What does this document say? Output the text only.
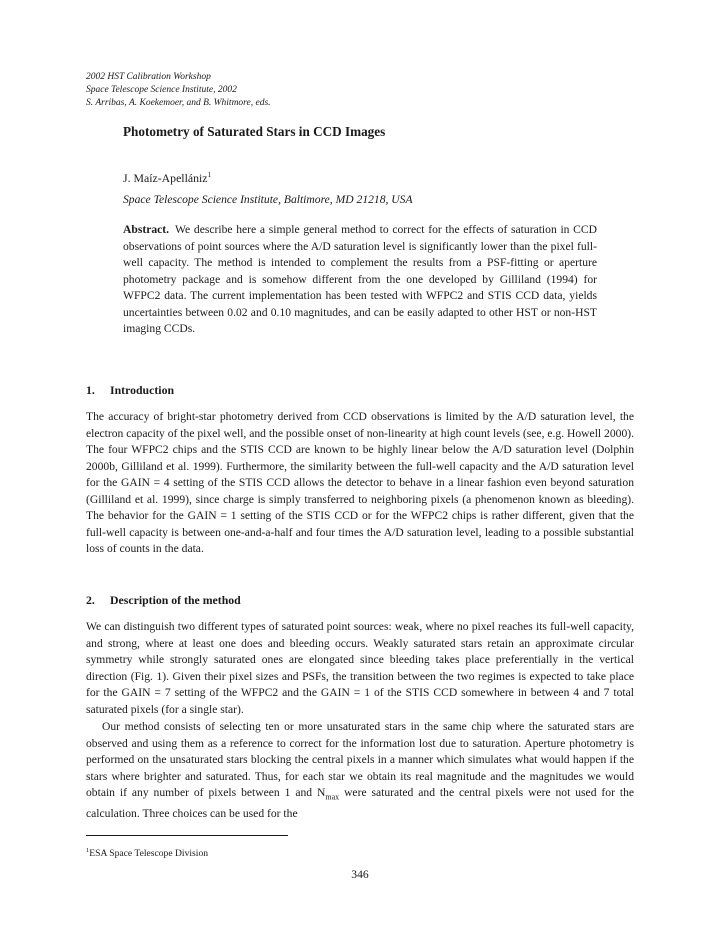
2002 HST Calibration Workshop
Space Telescope Science Institute, 2002
S. Arribas, A. Koekemoer, and B. Whitmore, eds.
Photometry of Saturated Stars in CCD Images
J. Maíz-Apellániz$^1$
Space Telescope Science Institute, Baltimore, MD 21218, USA
Abstract. We describe here a simple general method to correct for the effects of saturation in CCD observations of point sources where the A/D saturation level is significantly lower than the pixel full-well capacity. The method is intended to complement the results from a PSF-fitting or aperture photometry package and is somehow different from the one developed by Gilliland (1994) for WFPC2 data. The current implementation has been tested with WFPC2 and STIS CCD data, yields uncertainties between 0.02 and 0.10 magnitudes, and can be easily adapted to other HST or non-HST imaging CCDs.
1. Introduction

The accuracy of bright-star photometry derived from CCD observations is limited by the A/D saturation level, the electron capacity of the pixel well, and the possible onset of non-linearity at high count levels (see, e.g. Howell 2000). The four WFPC2 chips and the STIS CCD are known to be highly linear below the A/D saturation level (Dolphin 2000b, Gilliland et al. 1999). Furthermore, the similarity between the full-well capacity and the A/D saturation level for the GAIN = 4 setting of the STIS CCD allows the detector to behave in a linear fashion even beyond saturation (Gilliland et al. 1999), since charge is simply transferred to neighboring pixels (a phenomenon known as bleeding). The behavior for the GAIN = 1 setting of the STIS CCD or for the WFPC2 chips is rather different, given that the full-well capacity is between one-and-a-half and four times the A/D saturation level, leading to a possible substantial loss of counts in the data.

2. Description of the method

We can distinguish two different types of saturated point sources: weak, where no pixel reaches its full-well capacity, and strong, where at least one does and bleeding occurs. Weakly saturated stars retain an approximate circular symmetry while strongly saturated ones are elongated since bleeding takes place preferentially in the vertical direction (Fig. 1). Given their pixel sizes and PSFs, the transition between the two regimes is expected to take place for the GAIN = 7 setting of the WFPC2 and the GAIN = 1 of the STIS CCD somewhere in between 4 and 7 total saturated pixels (for a single star).

Our method consists of selecting ten or more unsaturated stars in the same chip where the saturated stars are observed and using them as a reference to correct for the information lost due to saturation. Aperture photometry is performed on the unsaturated stars blocking the central pixels in a manner which simulates what would happen if the stars where brighter and saturated. Thus, for each star we obtain its real magnitude and the magnitudes we would obtain if any number of pixels between 1 and $N_{max}$ were saturated and the central pixels were not used for the calculation. Three choices can be used for the

$^1$ESA Space Telescope Division
346
